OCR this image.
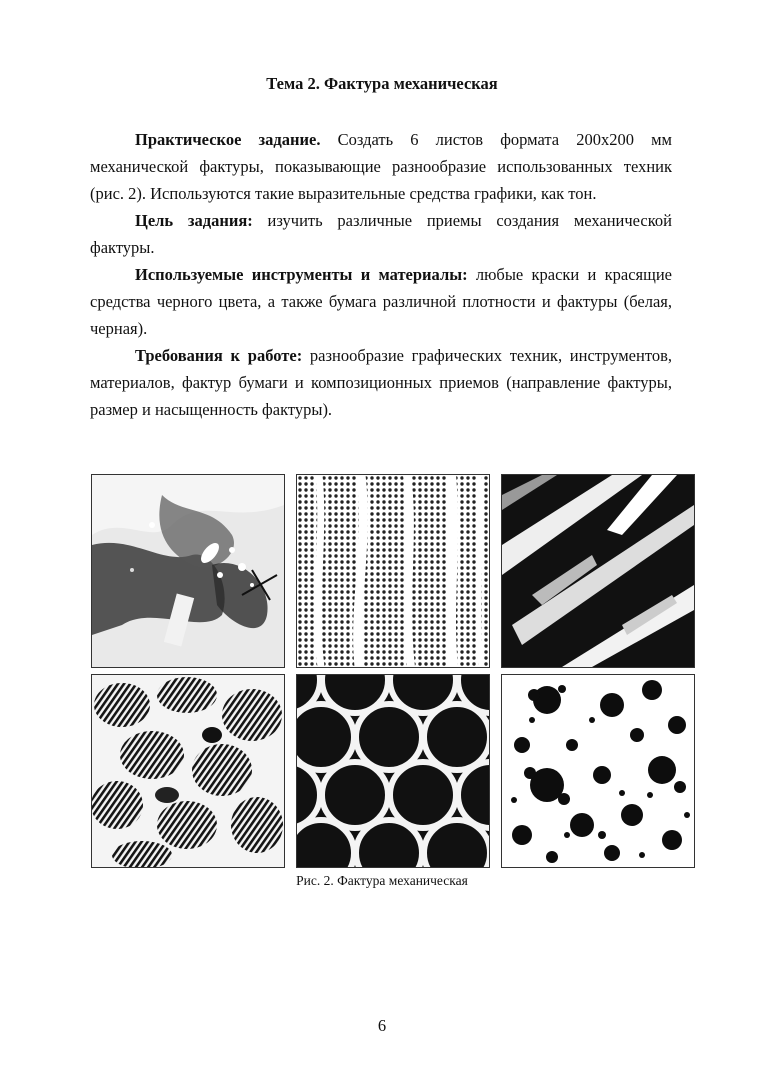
Тема 2. Фактура механическая

Практическое задание. Создать 6 листов формата 200x200 мм механической фактуры, показывающие разнообразие использованных техник (рис. 2). Используются такие выразительные средства графики, как тон.

Цель задания: изучить различные приемы создания механической фактуры.

Используемые инструменты и материалы: любые краски и красящие средства черного цвета, а также бумага различной плотности и фактуры (белая, черная).

Требования к работе: разнообразие графических техник, инструментов, материалов, фактур бумаги и композиционных приемов (направление фактуры, размер и насыщенность фактуры).

Рис. 2. Фактура механическая
6
